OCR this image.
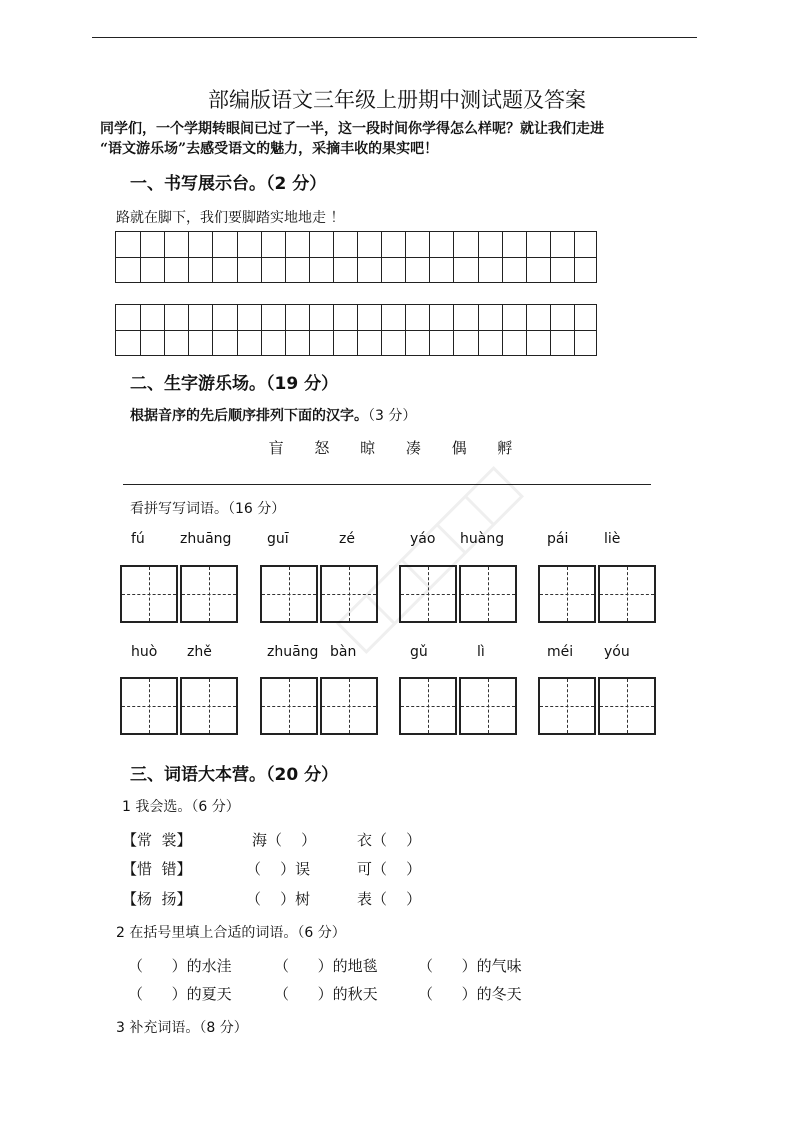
部编版语文三年级上册期中测试题及答案
同学们，一个学期转眼间已过了一半，这一段时间你学得怎么样呢？就让我们走进
“语文游乐场”去感受语文的魅力，采摘丰收的果实吧！
一、书写展示台。（2 分）
路就在脚下，我们要脚踏实地地走 ！
二、生字游乐场。（19 分）
根据音序的先后顺序排列下面的汉字。（3 分）
盲 怒 晾 凑 偶 孵
看拼写写词语。（16 分）
fú	zhuāng	guī	zé	yáo huàng	pái	liè
huò zhě	zhuāng bàn	gǔ	lì	méi yóu
三、词语大本营。（20 分）
1 我会选。（6 分）
【常  裳】	海（    ）	衣（    ）
【惜  错】	（    ）误	可（    ）
【杨  扬】	（    ）树	表（    ）
2 在括号里填上合适的词语。（6 分）
（      ）的水洼	（      ）的地毯	（      ）的气味
（      ）的夏天	（      ）的秋天	（      ）的冬天
3 补充词语。（8 分）
